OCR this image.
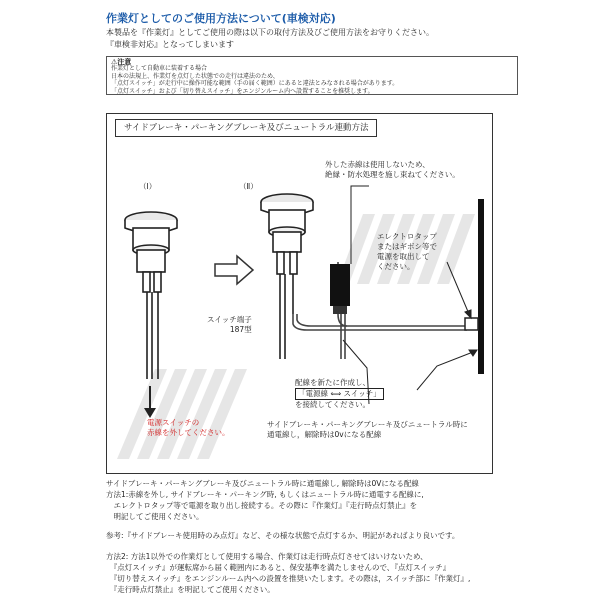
作業灯としてのご使用方法について(車検対応)
本製品を『作業灯』としてご使用の際は以下の取付方法及びご使用方法をお守りください。
『車検非対応』となってしまいます
⚠注意
作業灯として自動車に装着する場合
日本の法規上、作業灯を点灯した状態での走行は違法のため、
「点灯スイッチ」が走行中に操作可能な範囲（手の届く範囲）にあると違法とみなされる場合があります。
「点灯スイッチ」および「切り替えスイッチ」をエンジンルーム内へ設置することを推奨します。
サイドブレーキ・パーキングブレーキ及びニュートラル連動方法
（Ⅰ）	（Ⅱ）
外した赤線は使用しないため、
絶縁・防水処理を施し束ねてください。
エレクトロタップ
またはギボシ等で
電源を取出して
ください。
スイッチ端子
187型
配線を新たに作成し、
「電源線 ⟺ スイッチ」
を接続してください。
電源スイッチの
赤線を外してください。
サイドブレーキ・パーキングブレーキ及びニュートラル時に
通電線し，解除時は0vになる配線
サイドブレーキ・パーキングブレーキ及びニュートラル時に通電線し, 解除時は0Vになる配線
方法1:赤線を外し, サイドブレーキ・パーキング時, もしくはニュートラル時に通電する配線に,
　エレクトロタップ等で電源を取り出し接続する。その際に『作業灯』『走行時点灯禁止』を
　明記してご使用ください。
参考:『サイドブレーキ使用時のみ点灯』など、その様な状態で点灯するか、明記があればより良いです。
方法2: 方法1以外での作業灯として使用する場合、作業灯は走行時点灯させてはいけないため、
　『点灯スイッチ』が運転席から届く範囲内にあると、保安基準を満たしませんので、『点灯スイッチ』
　『切り替えスイッチ』をエンジンルーム内への設置を推奨いたします。その際は，スイッチ部に『作業灯』,
　『走行時点灯禁止』を明記してご使用ください。
